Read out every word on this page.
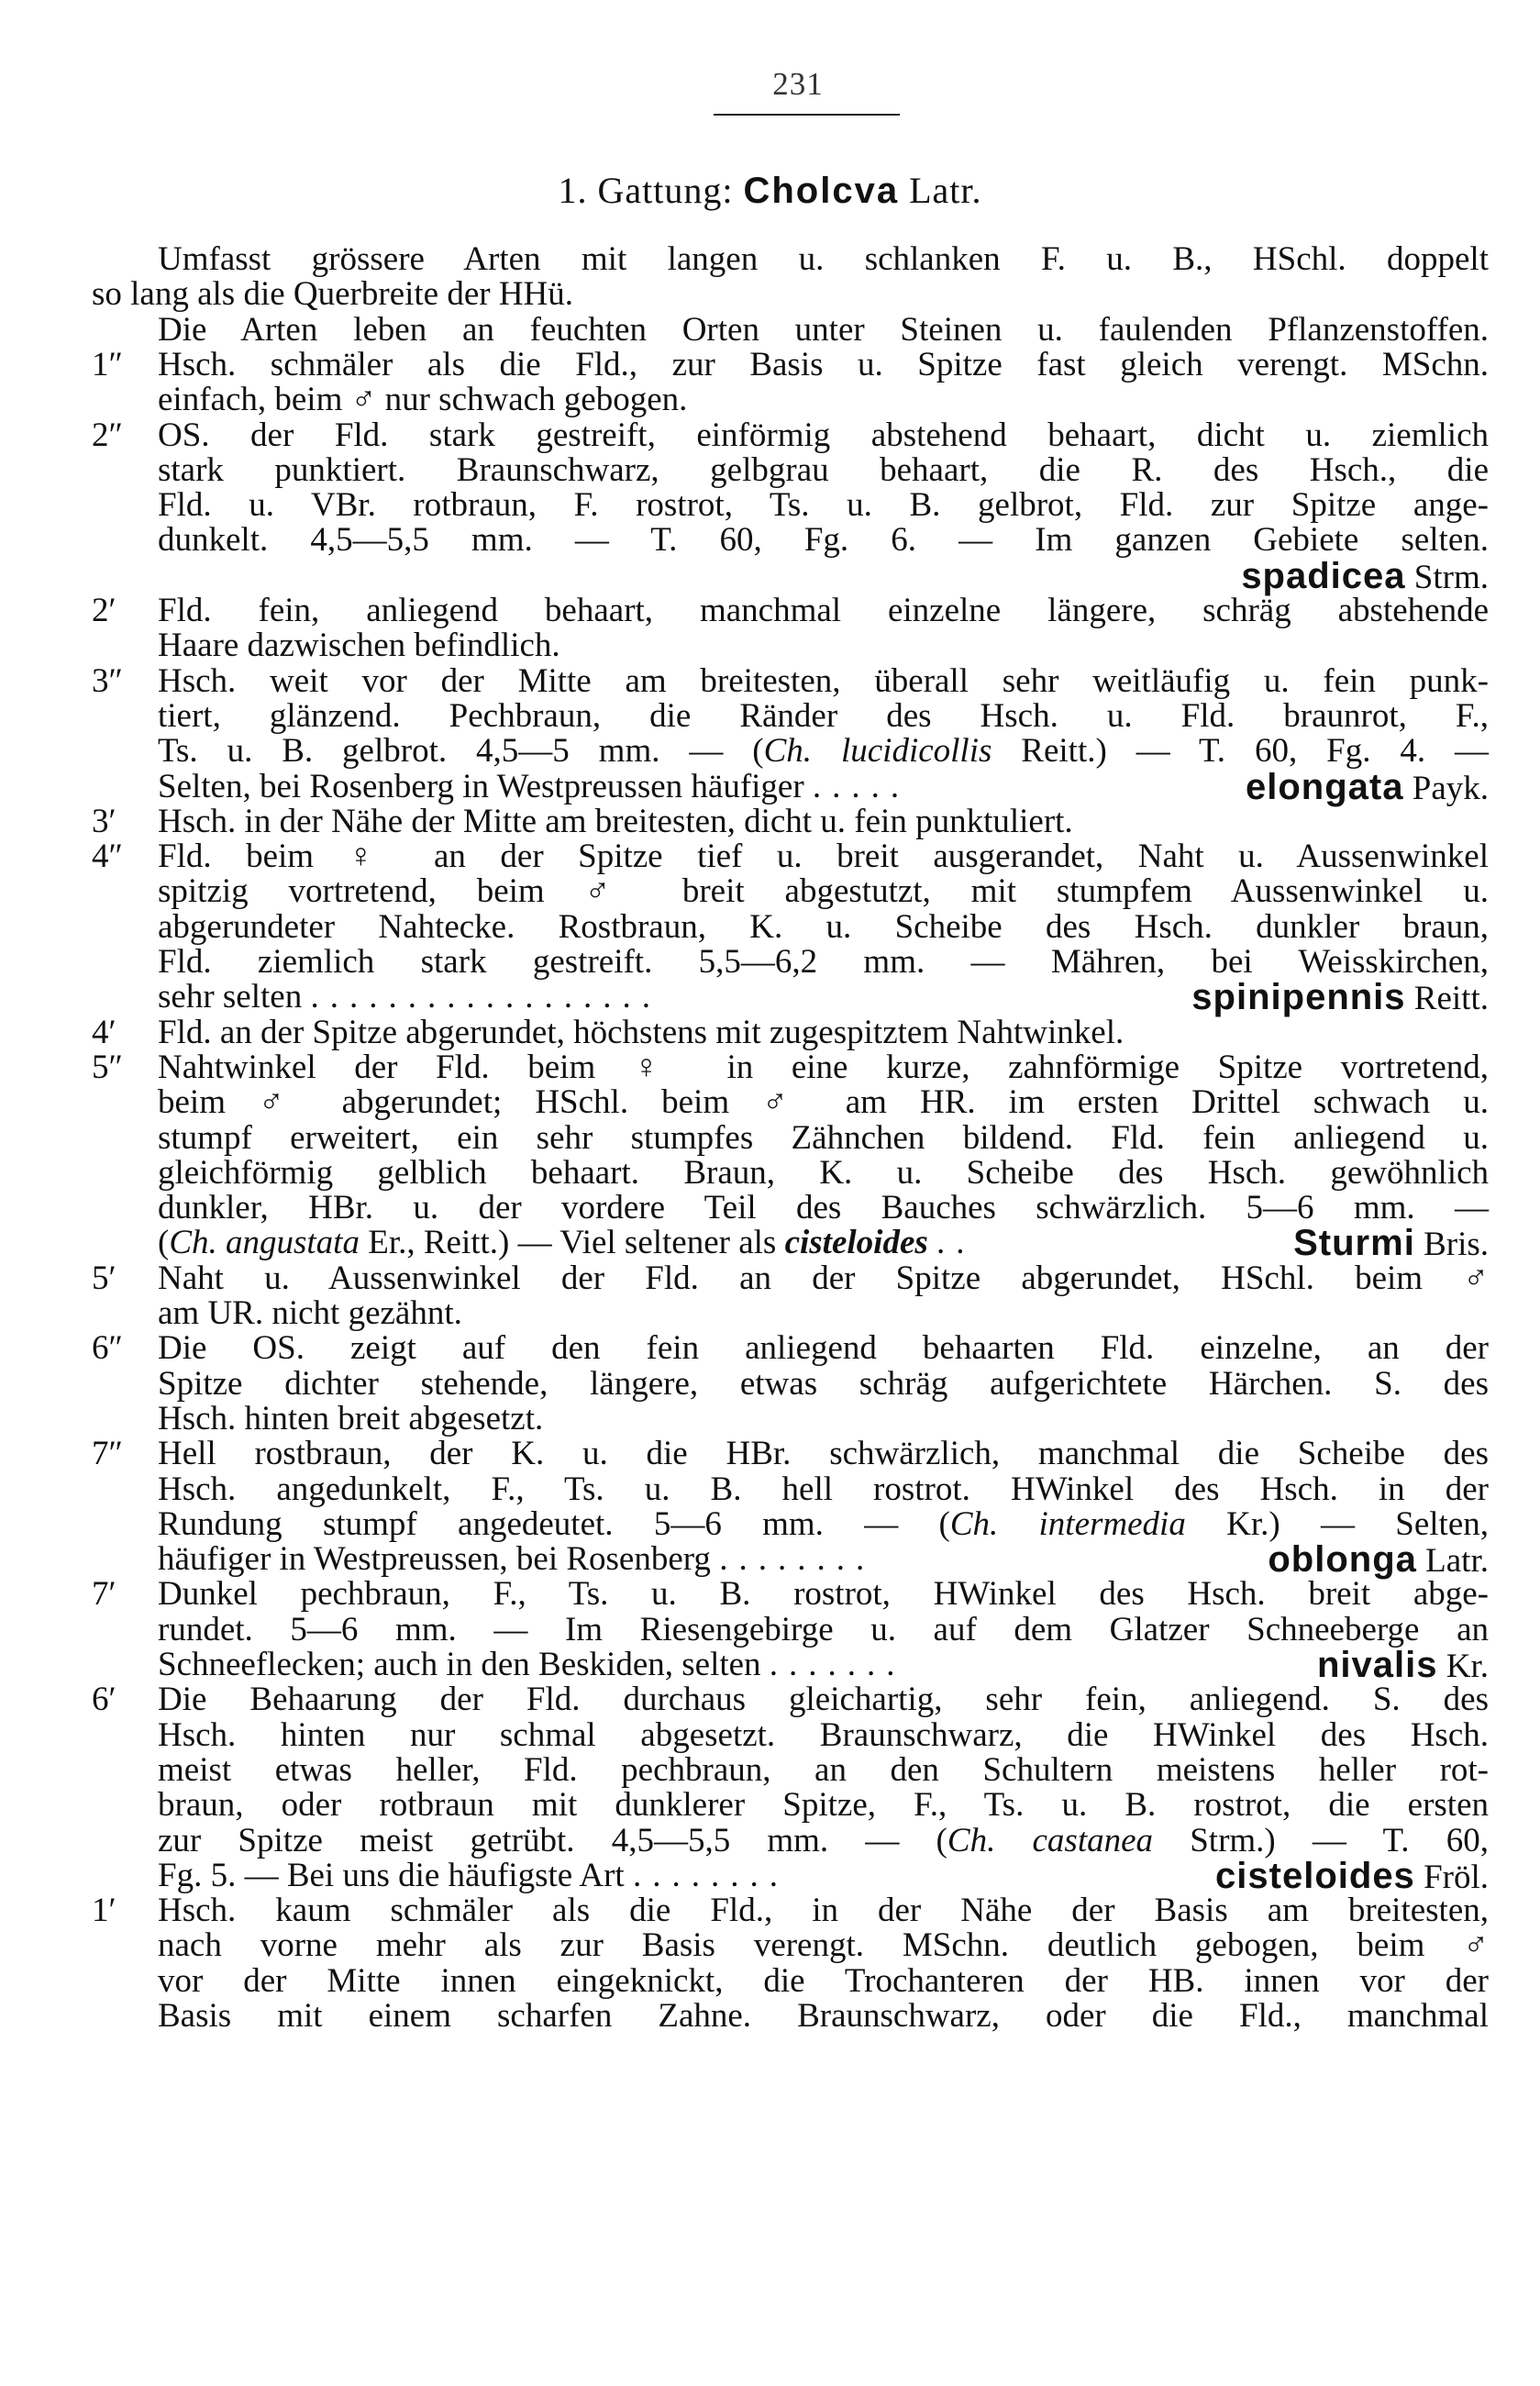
231
1. Gattung: Cholcva Latr.
Umfasst grössere Arten mit langen u. schlanken F. u. B., HSchl. doppelt
so lang als die Querbreite der HHü.
Die Arten leben an feuchten Orten unter Steinen u. faulenden Pflanzenstoffen.
1″ Hsch. schmäler als die Fld., zur Basis u. Spitze fast gleich verengt. MSchn.
einfach, beim ♂ nur schwach gebogen.
2″ OS. der Fld. stark gestreift, einförmig abstehend behaart, dicht u. ziemlich
stark punktiert. Braunschwarz, gelbgrau behaart, die R. des Hsch., die
Fld. u. VBr. rotbraun, F. rostrot, Ts. u. B. gelbrot, Fld. zur Spitze ange-
dunkelt. 4,5—5,5 mm. — T. 60, Fg. 6. — Im ganzen Gebiete selten.
spadicea Strm.
2′ Fld. fein, anliegend behaart, manchmal einzelne längere, schräg abstehende
Haare dazwischen befindlich.
3″ Hsch. weit vor der Mitte am breitesten, überall sehr weitläufig u. fein punk-
tiert, glänzend. Pechbraun, die Ränder des Hsch. u. Fld. braunrot, F.,
Ts. u. B. gelbrot. 4,5—5 mm. — (Ch. lucidicollis Reitt.) — T. 60, Fg. 4. —
Selten, bei Rosenberg in Westpreussen häufiger .....	elongata Payk.
3′ Hsch. in der Nähe der Mitte am breitesten, dicht u. fein punktuliert.
4″ Fld. beim ♀ an der Spitze tief u. breit ausgerandet, Naht u. Aussenwinkel
spitzig vortretend, beim ♂ breit abgestutzt, mit stumpfem Aussenwinkel u.
abgerundeter Nahtecke. Rostbraun, K. u. Scheibe des Hsch. dunkler braun,
Fld. ziemlich stark gestreift. 5,5—6,2 mm. — Mähren, bei Weisskirchen,
sehr selten ..................	spinipennis Reitt.
4′ Fld. an der Spitze abgerundet, höchstens mit zugespitztem Nahtwinkel.
5″ Nahtwinkel der Fld. beim ♀ in eine kurze, zahnförmige Spitze vortretend,
beim ♂ abgerundet; HSchl. beim ♂ am HR. im ersten Drittel schwach u.
stumpf erweitert, ein sehr stumpfes Zähnchen bildend. Fld. fein anliegend u.
gleichförmig gelblich behaart. Braun, K. u. Scheibe des Hsch. gewöhnlich
dunkler, HBr. u. der vordere Teil des Bauches schwärzlich. 5—6 mm. —
(Ch. angustata Er., Reitt.) — Viel seltener als cisteloides ..	Sturmi Bris.
5′ Naht u. Aussenwinkel der Fld. an der Spitze abgerundet, HSchl. beim ♂
am UR. nicht gezähnt.
6″ Die OS. zeigt auf den fein anliegend behaarten Fld. einzelne, an der
Spitze dichter stehende, längere, etwas schräg aufgerichtete Härchen. S. des
Hsch. hinten breit abgesetzt.
7″ Hell rostbraun, der K. u. die HBr. schwärzlich, manchmal die Scheibe des
Hsch. angedunkelt, F., Ts. u. B. hell rostrot. HWinkel des Hsch. in der
Rundung stumpf angedeutet. 5—6 mm. — (Ch. intermedia Kr.) — Selten,
häufiger in Westpreussen, bei Rosenberg ........	oblonga Latr.
7′ Dunkel pechbraun, F., Ts. u. B. rostrot, HWinkel des Hsch. breit abge-
rundet. 5—6 mm. — Im Riesengebirge u. auf dem Glatzer Schneeberge an
Schneeflecken; auch in den Beskiden, selten .......	nivalis Kr.
6′ Die Behaarung der Fld. durchaus gleichartig, sehr fein, anliegend. S. des
Hsch. hinten nur schmal abgesetzt. Braunschwarz, die HWinkel des Hsch.
meist etwas heller, Fld. pechbraun, an den Schultern meistens heller rot-
braun, oder rotbraun mit dunklerer Spitze, F., Ts. u. B. rostrot, die ersten
zur Spitze meist getrübt. 4,5—5,5 mm. — (Ch. castanea Strm.) — T. 60,
Fg. 5. — Bei uns die häufigste Art ........	cisteloides Fröl.
1′ Hsch. kaum schmäler als die Fld., in der Nähe der Basis am breitesten,
nach vorne mehr als zur Basis verengt. MSchn. deutlich gebogen, beim ♂
vor der Mitte innen eingeknickt, die Trochanteren der HB. innen vor der
Basis mit einem scharfen Zahne. Braunschwarz, oder die Fld., manchmal
